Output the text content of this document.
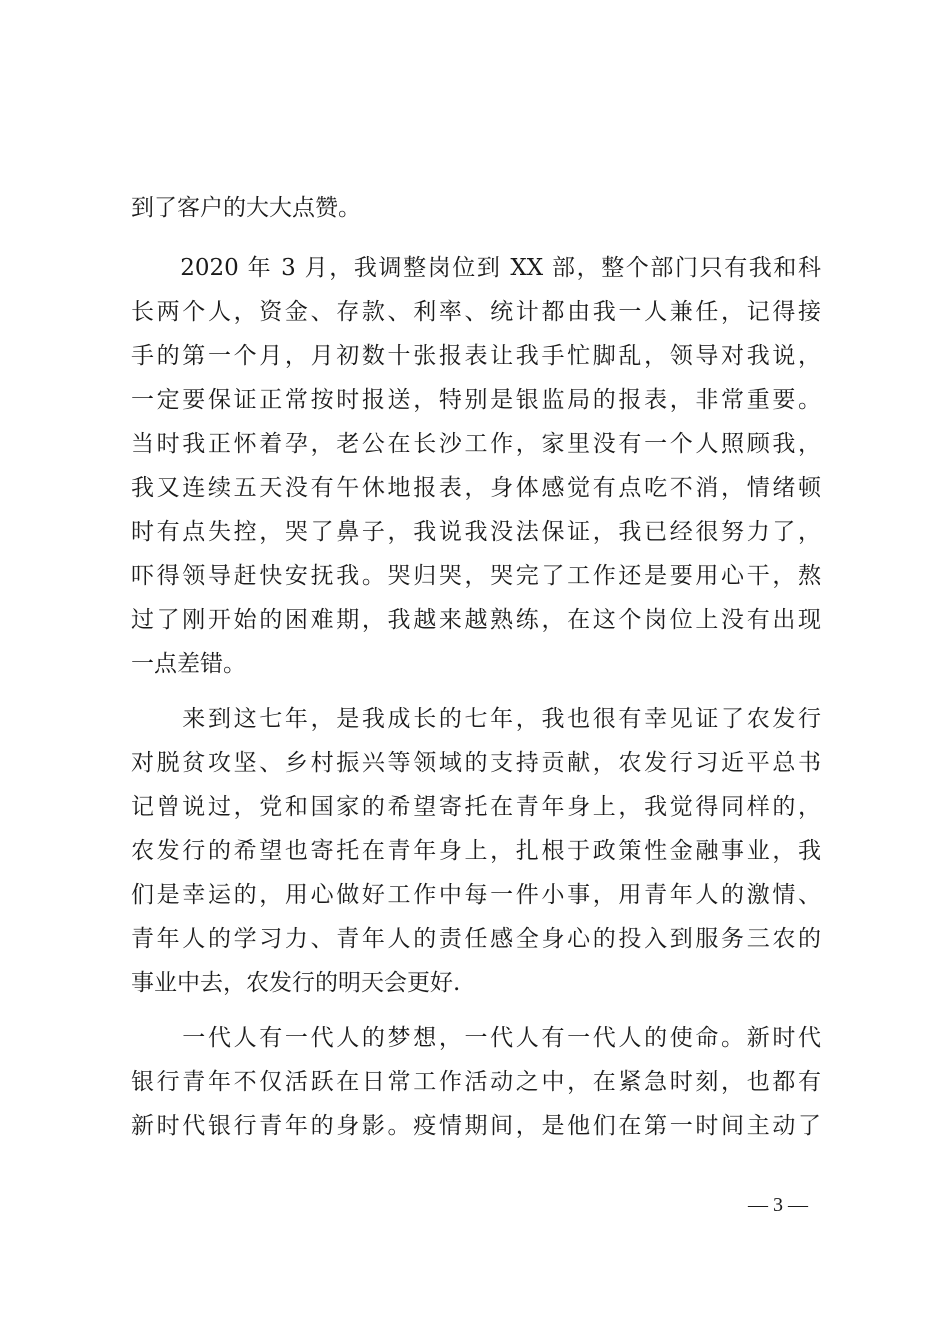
到了客户的大大点赞。
　　2020 年 3 月，我调整岗位到 XX 部，整个部门只有我和科
长两个人，资金、存款、利率、统计都由我一人兼任，记得接
手的第一个月，月初数十张报表让我手忙脚乱，领导对我说，
一定要保证正常按时报送，特别是银监局的报表，非常重要。
当时我正怀着孕，老公在长沙工作，家里没有一个人照顾我，
我又连续五天没有午休地报表，身体感觉有点吃不消，情绪顿
时有点失控，哭了鼻子，我说我没法保证，我已经很努力了，
吓得领导赶快安抚我。哭归哭，哭完了工作还是要用心干，熬
过了刚开始的困难期，我越来越熟练，在这个岗位上没有出现
一点差错。
　　来到这七年，是我成长的七年，我也很有幸见证了农发行
对脱贫攻坚、乡村振兴等领域的支持贡献，农发行习近平总书
记曾说过，党和国家的希望寄托在青年身上，我觉得同样的，
农发行的希望也寄托在青年身上，扎根于政策性金融事业，我
们是幸运的，用心做好工作中每一件小事，用青年人的激情、
青年人的学习力、青年人的责任感全身心的投入到服务三农的
事业中去，农发行的明天会更好.
　　一代人有一代人的梦想，一代人有一代人的使命。新时代
银行青年不仅活跃在日常工作活动之中，在紧急时刻，也都有
新时代银行青年的身影。疫情期间，是他们在第一时间主动了
— 3 —
